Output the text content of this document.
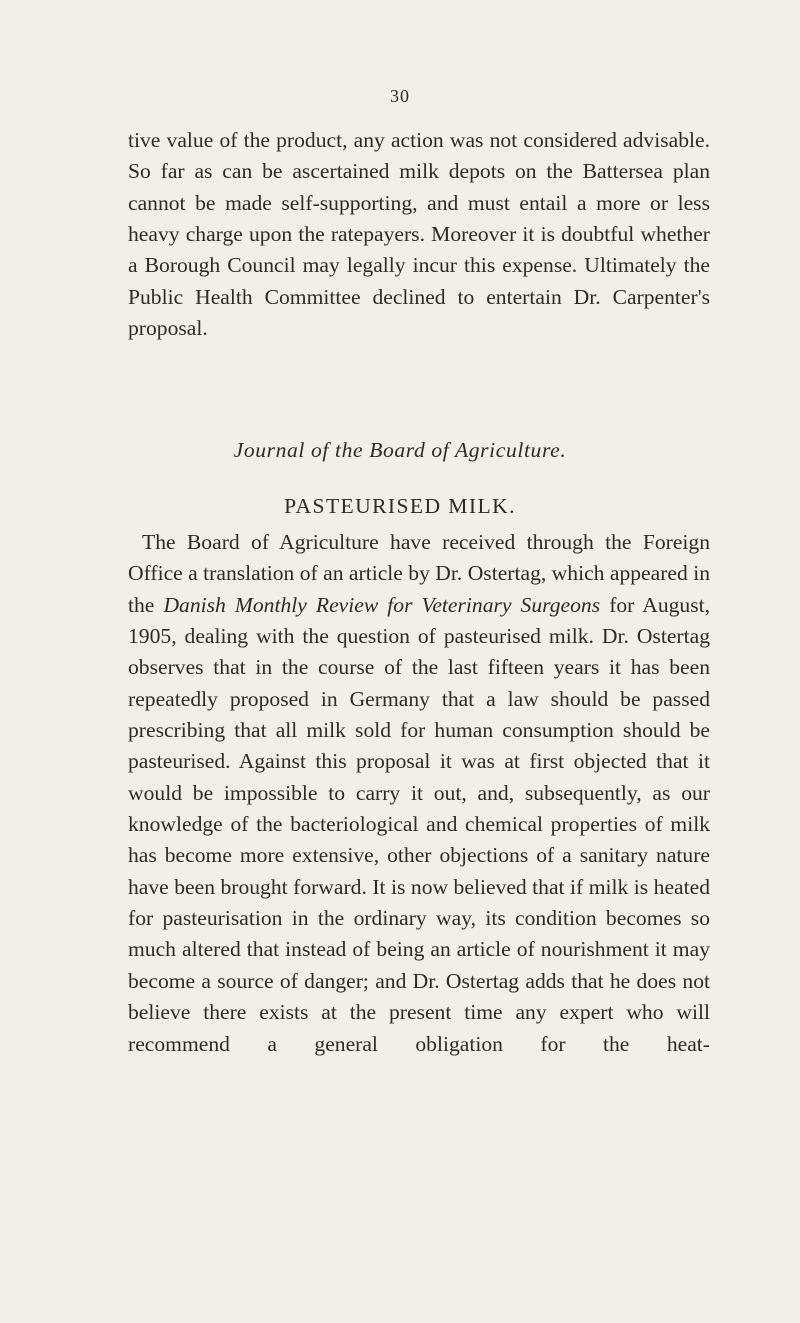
30
tive value of the product, any action was not considered advisable. So far as can be ascertained milk depots on the Battersea plan cannot be made self-supporting, and must entail a more or less heavy charge upon the ratepayers. Moreover it is doubtful whether a Borough Council may legally incur this expense. Ultimately the Public Health Committee declined to entertain Dr. Carpenter's proposal.
Journal of the Board of Agriculture.
PASTEURISED MILK.
The Board of Agriculture have received through the Foreign Office a translation of an article by Dr. Ostertag, which appeared in the Danish Monthly Review for Veterinary Surgeons for August, 1905, dealing with the question of pasteurised milk. Dr. Ostertag observes that in the course of the last fifteen years it has been repeatedly proposed in Germany that a law should be passed prescribing that all milk sold for human consumption should be pasteurised. Against this proposal it was at first objected that it would be impossible to carry it out, and, subsequently, as our knowledge of the bacteriological and chemical properties of milk has become more extensive, other objections of a sanitary nature have been brought forward. It is now believed that if milk is heated for pasteurisation in the ordinary way, its condition becomes so much altered that instead of being an article of nourishment it may become a source of danger; and Dr. Ostertag adds that he does not believe there exists at the present time any expert who will recommend a general obligation for the heat-
